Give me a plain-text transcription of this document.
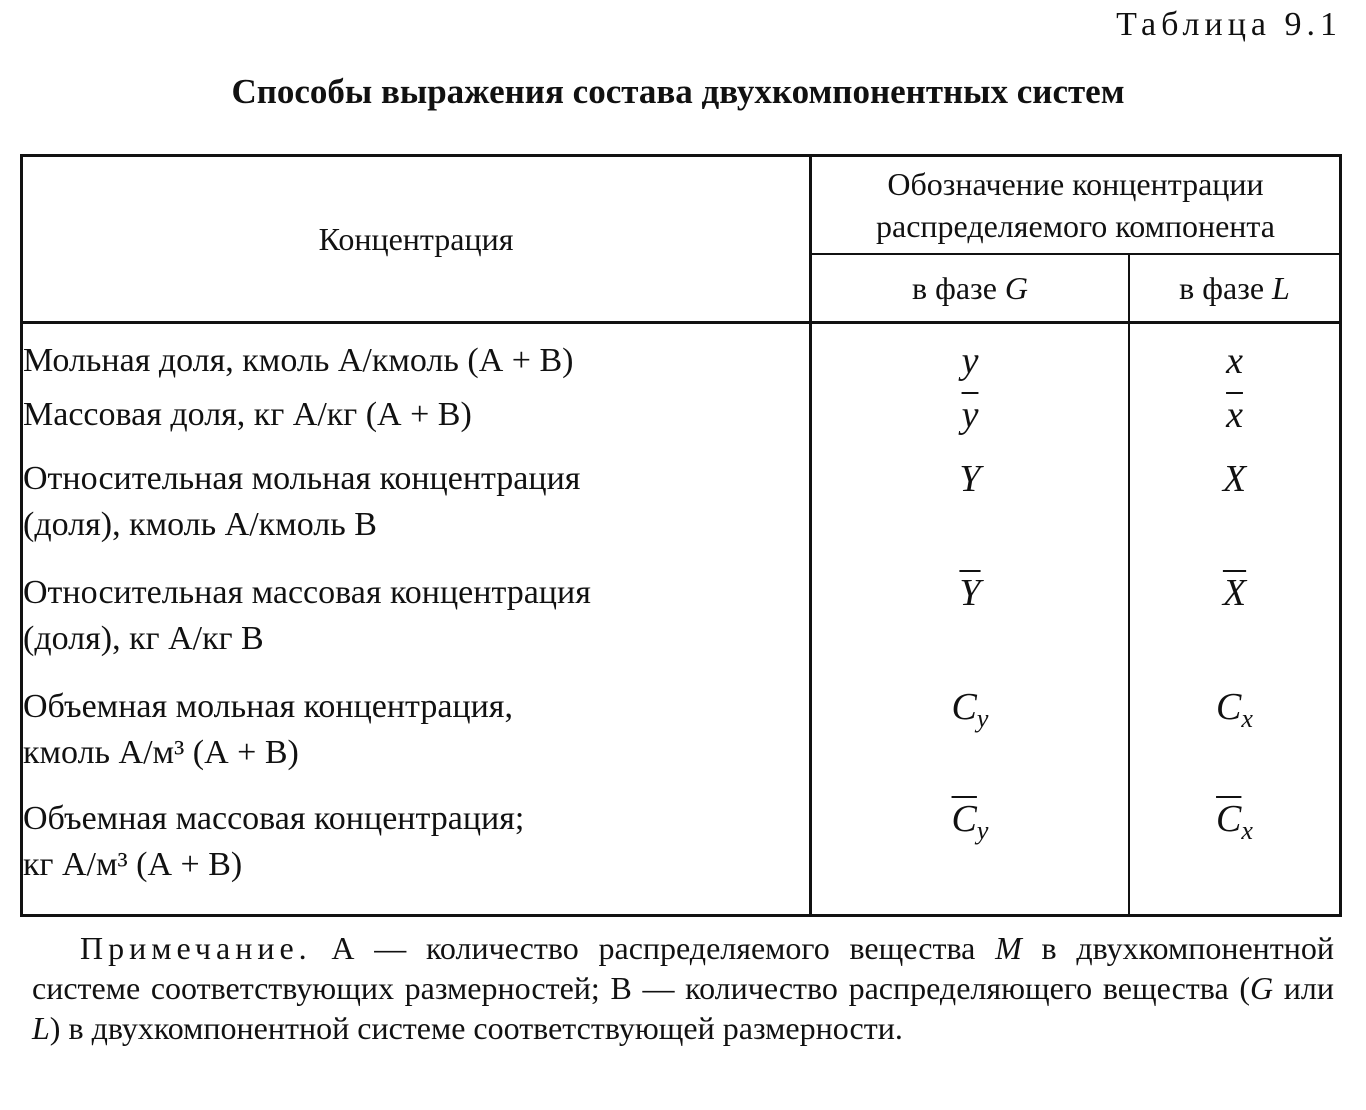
Таблица 9.1
Способы выражения состава двухкомпонентных систем
Концентрация	Обозначение концентрации
распределяемого компонента	
	в фазе G	в фазе L
Мольная доля, кмоль А/кмоль (А + В)	y	x
Массовая доля, кг А/кг (А + В)	$\overline{y}$	$\overline{x}$
Относительная мольная концентрация
(доля), кмоль А/кмоль В	Y	X
Относительная массовая концентрация
(доля), кг А/кг В	$\overline{Y}$	$\overline{X}$
Объемная мольная концентрация,
кмоль А/м³ (А + В)	$C_y$	$C_x$
Объемная массовая концентрация;
кг А/м³ (А + В)	$\overline{C}_y$	$\overline{C}_x$
Примечание. А — количество распределяемого вещества M в двухкомпонентной системе соответствующих размерностей; В — количество распределяющего вещества (G или L) в двухкомпонентной системе соответствующей размерности.
